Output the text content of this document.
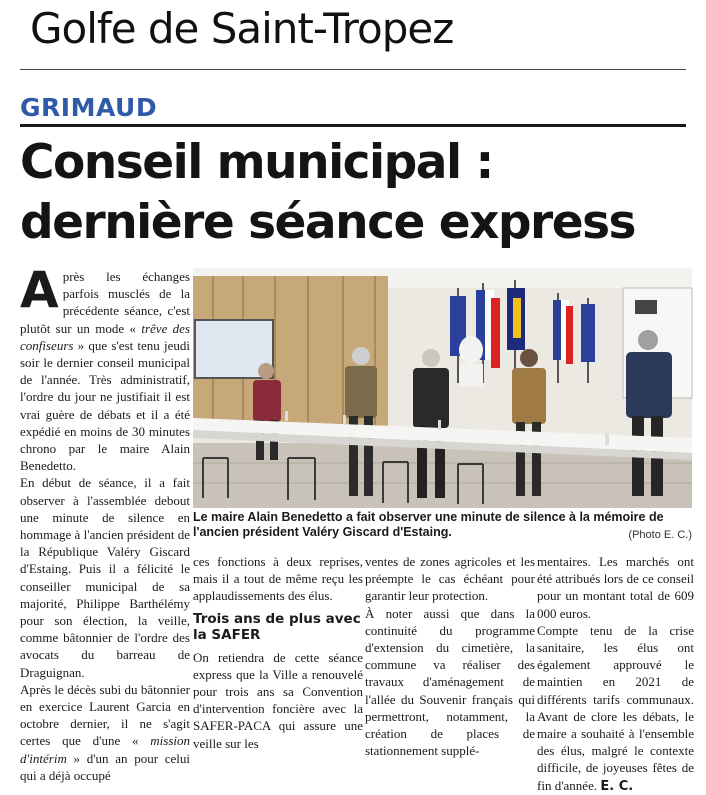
Golfe de Saint-Tropez
GRIMAUD
Conseil municipal :
dernière séance express

Après les échanges parfois musclés de la précédente séance, c'est plutôt sur un mode « trêve des confiseurs » que s'est tenu jeudi soir le dernier conseil municipal de l'année. Très administratif, l'ordre du jour ne justifiait il est vrai guère de débats et il a été expédié en moins de 30 minutes chrono par le maire Alain Benedetto.

En début de séance, il a fait observer à l'assemblée debout une minute de silence en hommage à l'ancien président de la République Valéry Giscard d'Estaing. Puis il a félicité le conseiller municipal de sa majorité, Philippe Barthélémy pour son élection, la veille, comme bâtonnier de l'ordre des avocats du barreau de Draguignan.

Après le décès subi du bâtonnier en exercice Laurent Garcia en octobre dernier, il ne s'agit certes que d'une « mission d'intérim » d'un an pour celui qui a déjà occupé

Le maire Alain Benedetto a fait observer une minute de silence à la mémoire de l'ancien président Valéry Giscard d'Estaing.	(Photo E. C.)

ces fonctions à deux reprises, mais il a tout de même reçu les applaudissements des élus.

Trois ans de plus avec la SAFER

On retiendra de cette séance express que la Ville a renouvelé pour trois ans sa Convention d'intervention foncière avec la SAFER-PACA qui assure une veille sur les

ventes de zones agricoles et les préempte le cas échéant pour garantir leur protection.

À noter aussi que dans la continuité du programme d'extension du cimetière, la commune va réaliser des travaux d'aménagement de l'allée du Souvenir français qui permettront, notamment, la création de places de stationnement supplé-

mentaires. Les marchés ont été attribués lors de ce conseil pour un montant total de 609 000 euros.

Compte tenu de la crise sanitaire, les élus ont également approuvé le maintien en 2021 de différents tarifs communaux. Avant de clore les débats, le maire a souhaité à l'ensemble des élus, malgré le contexte difficile, de joyeuses fêtes de fin d'année. E. C.
